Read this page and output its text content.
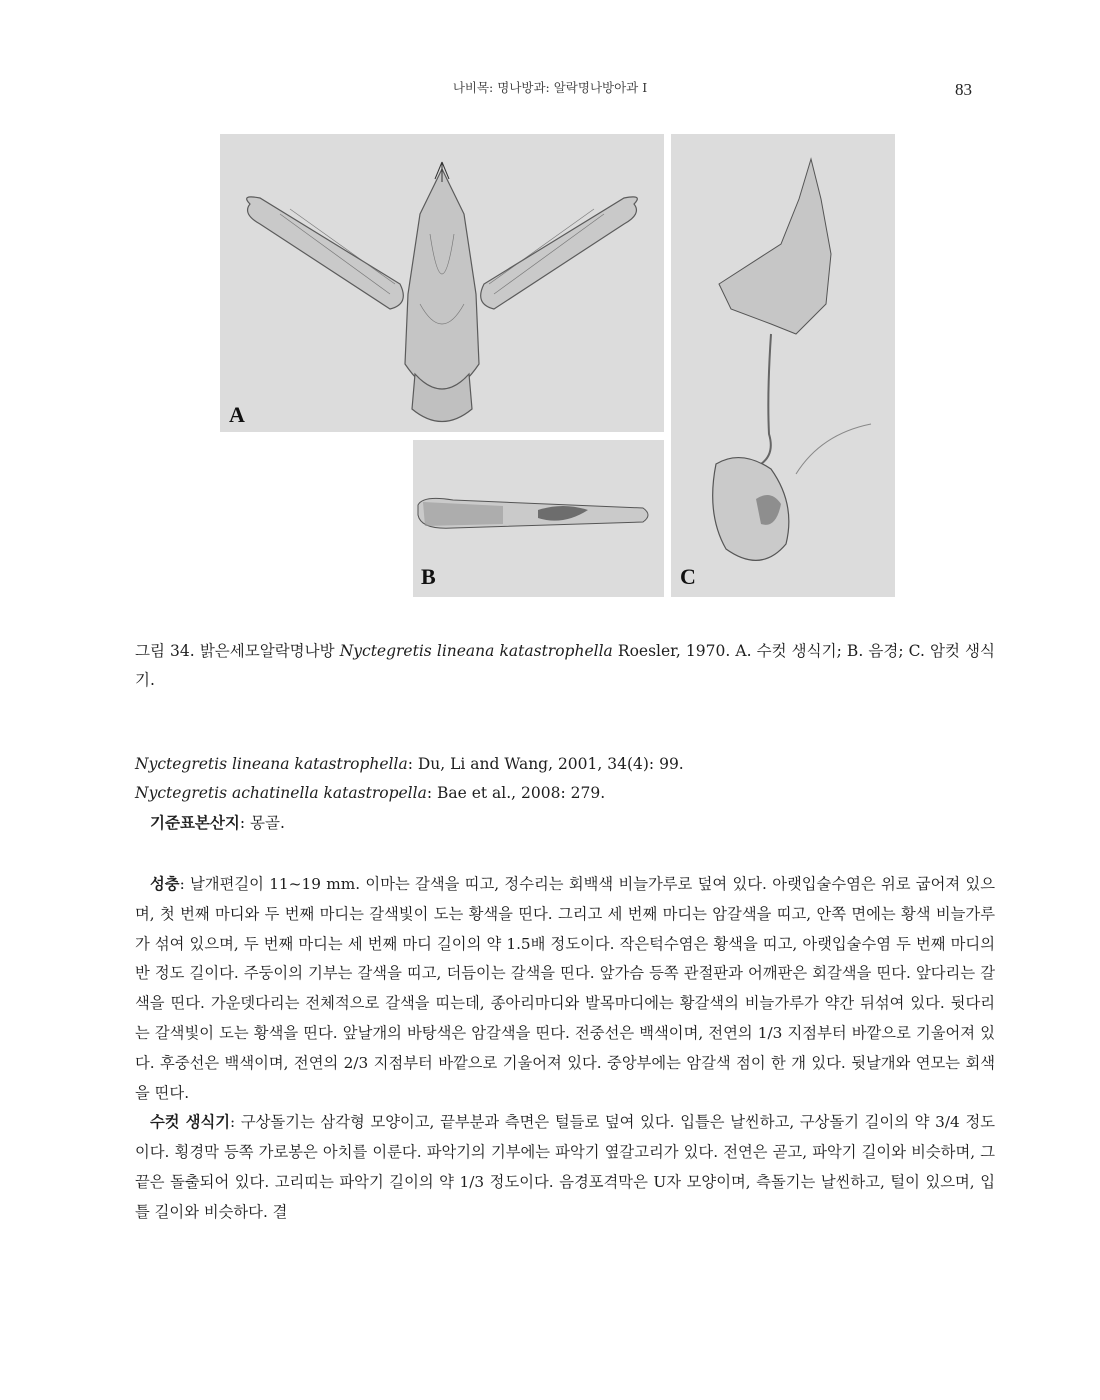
나비목: 명나방과: 알락명나방아과 I	83
A
B	C
그림 34. 밝은세모알락명나방 Nyctegretis lineana katastrophella Roesler, 1970. A. 수컷 생식기; B. 음경; C. 암컷 생식기.
Nyctegretis lineana katastrophella: Du, Li and Wang, 2001, 34(4): 99.
Nyctegretis achatinella katastropella: Bae et al., 2008: 279.
기준표본산지: 몽골.

성충: 날개편길이 11~19 mm. 이마는 갈색을 띠고, 정수리는 회백색 비늘가루로 덮여 있다. 아랫입술수염은 위로 굽어져 있으며, 첫 번째 마디와 두 번째 마디는 갈색빛이 도는 황색을 띤다. 그리고 세 번째 마디는 암갈색을 띠고, 안쪽 면에는 황색 비늘가루가 섞여 있으며, 두 번째 마디는 세 번째 마디 길이의 약 1.5배 정도이다. 작은턱수염은 황색을 띠고, 아랫입술수염 두 번째 마디의 반 정도 길이다. 주둥이의 기부는 갈색을 띠고, 더듬이는 갈색을 띤다. 앞가슴 등쪽 관절판과 어깨판은 회갈색을 띤다. 앞다리는 갈색을 띤다. 가운뎃다리는 전체적으로 갈색을 띠는데, 종아리마디와 발목마디에는 황갈색의 비늘가루가 약간 뒤섞여 있다. 뒷다리는 갈색빛이 도는 황색을 띤다. 앞날개의 바탕색은 암갈색을 띤다. 전중선은 백색이며, 전연의 1/3 지점부터 바깥으로 기울어져 있다. 후중선은 백색이며, 전연의 2/3 지점부터 바깥으로 기울어져 있다. 중앙부에는 암갈색 점이 한 개 있다. 뒷날개와 연모는 회색을 띤다.

수컷 생식기: 구상돌기는 삼각형 모양이고, 끝부분과 측면은 털들로 덮여 있다. 입틀은 날씬하고, 구상돌기 길이의 약 3/4 정도이다. 횡경막 등쪽 가로봉은 아치를 이룬다. 파악기의 기부에는 파악기 옆갈고리가 있다. 전연은 곧고, 파악기 길이와 비슷하며, 그 끝은 돌출되어 있다. 고리띠는 파악기 길이의 약 1/3 정도이다. 음경포격막은 U자 모양이며, 측돌기는 날씬하고, 털이 있으며, 입틀 길이와 비슷하다. 결
